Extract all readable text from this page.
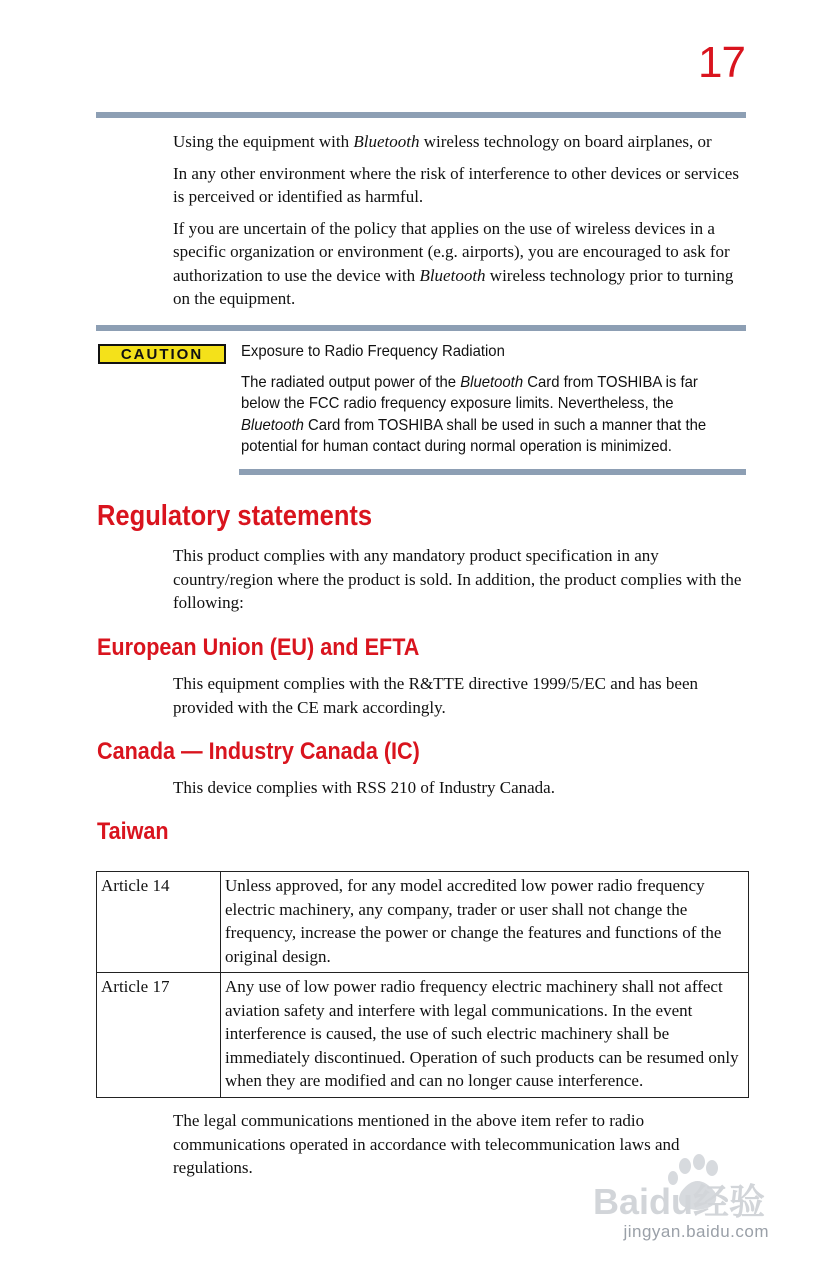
17

Using the equipment with Bluetooth wireless technology on board airplanes, or

In any other environment where the risk of interference to other devices or services is perceived or identified as harmful.

If you are uncertain of the policy that applies on the use of wireless devices in a specific organization or environment (e.g. airports), you are encouraged to ask for authorization to use the device with Bluetooth wireless technology prior to turning on the equipment.

CAUTION	Exposure to Radio Frequency Radiation

The radiated output power of the Bluetooth Card from TOSHIBA is far below the FCC radio frequency exposure limits. Nevertheless, the Bluetooth Card from TOSHIBA shall be used in such a manner that the potential for human contact during normal operation is minimized.

Regulatory statements

This product complies with any mandatory product specification in any country/region where the product is sold. In addition, the product complies with the following:

European Union (EU) and EFTA

This equipment complies with the R&TTE directive 1999/5/EC and has been provided with the CE mark accordingly.

Canada — Industry Canada (IC)

This device complies with RSS 210 of Industry Canada.

Taiwan
Article 14	Unless approved, for any model accredited low power radio frequency electric machinery, any company, trader or user shall not change the frequency, increase the power or change the features and functions of the original design.
Article 17	Any use of low power radio frequency electric machinery shall not affect aviation safety and interfere with legal communications. In the event interference is caused, the use of such electric machinery shall be immediately discontinued. Operation of such products can be resumed only when they are modified and can no longer cause interference.

The legal communications mentioned in the above item refer to radio communications operated in accordance with telecommunication laws and regulations.

Baidu经验
jingyan.baidu.com
